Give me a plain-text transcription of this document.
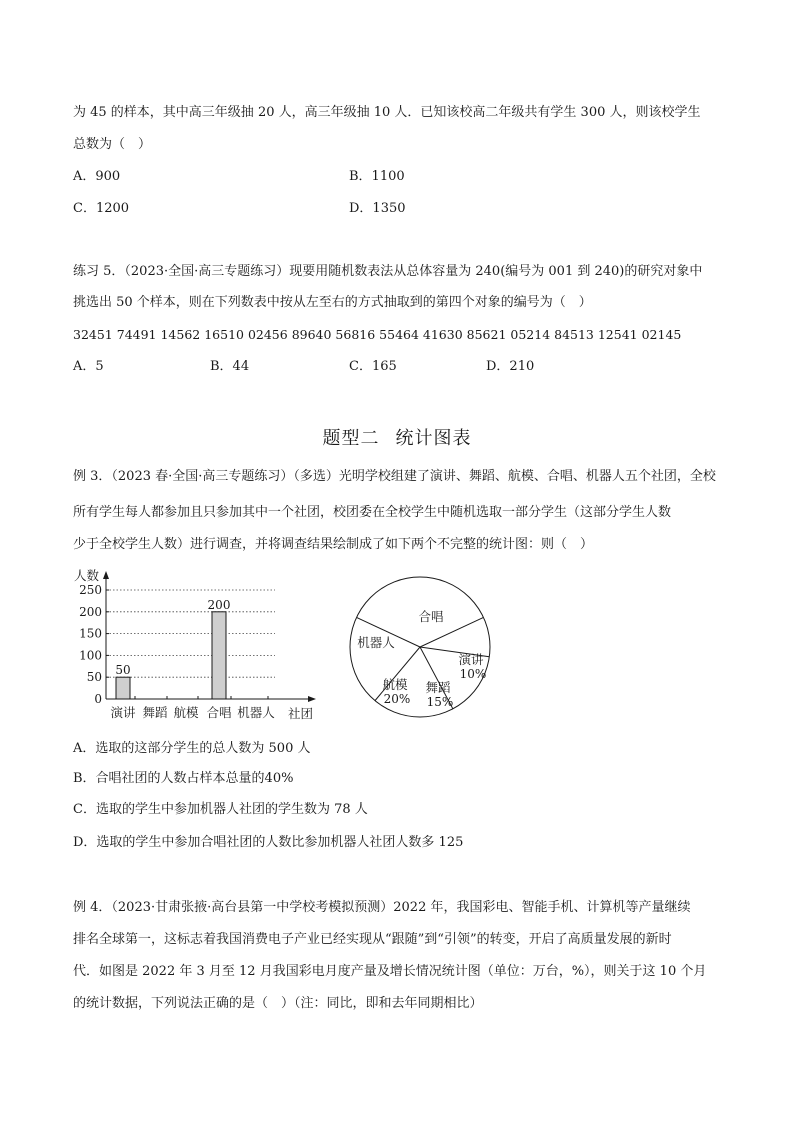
为 45 的样本，其中高三年级抽 20 人，高三年级抽 10 人．已知该校高二年级共有学生 300 人，则该校学生
总数为（　）
A．900	B．1100
C．1200	D．1350
练习 5．（2023·全国·高三专题练习）现要用随机数表法从总体容量为 240(编号为 001 到 240)的研究对象中
挑选出 50 个样本，则在下列数表中按从左至右的方式抽取到的第四个对象的编号为（　）
32451 74491 14562 16510 02456 89640 56816 55464 41630 85621 05214 84513 12541 02145
A．5	B．44	C．165	D．210
题型二 统计图表
例 3．（2023 春·全国·高三专题练习）（多选）光明学校组建了演讲、舞蹈、航模、合唱、机器人五个社团，全校
所有学生每人都参加且只参加其中一个社团，校团委在全校学生中随机选取一部分学生（这部分学生人数
少于全校学生人数）进行调查，并将调查结果绘制成了如下两个不完整的统计图：则（　）
0
50
100
150
200
250
人数
社团
演讲
50
舞蹈 航模 合唱
200
机器人
合唱
演讲
10%
舞蹈
15%
航模
20%
机器人
A．选取的这部分学生的总人数为 500 人
B．合唱社团的人数占样本总量的40%
C．选取的学生中参加机器人社团的学生数为 78 人
D．选取的学生中参加合唱社团的人数比参加机器人社团人数多 125
例 4．（2023·甘肃张掖·高台县第一中学校考模拟预测）2022 年，我国彩电、智能手机、计算机等产量继续
排名全球第一，这标志着我国消费电子产业已经实现从“跟随”到“引领”的转变，开启了高质量发展的新时
代．如图是 2022 年 3 月至 12 月我国彩电月度产量及增长情况统计图（单位：万台，%），则关于这 10 个月
的统计数据，下列说法正确的是（　）（注：同比，即和去年同期相比）
